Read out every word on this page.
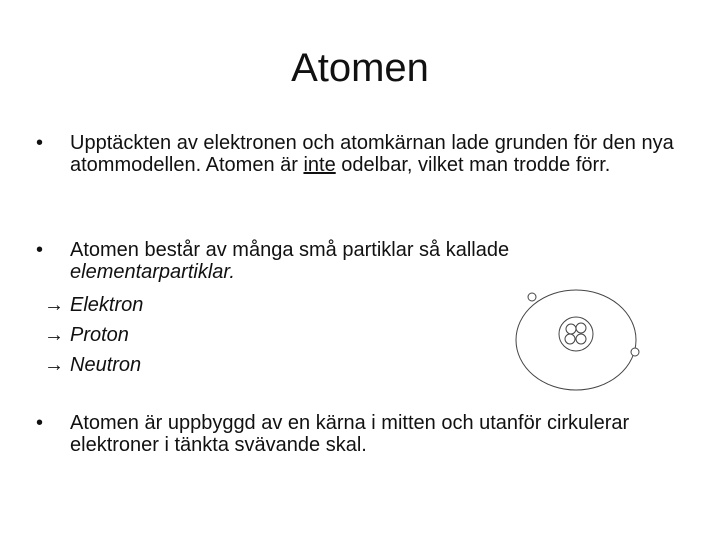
Atomen
• Upptäckten av elektronen och atomkärnan lade grunden för den nya atommodellen. Atomen är inte odelbar, vilket man trodde förr.
• Atomen består av många små partiklar så kallade elementarpartiklar.
→ Elektron
→ Proton
→ Neutron
• Atomen är uppbyggd av en kärna i mitten och utanför cirkulerar elektroner i tänkta svävande skal.
